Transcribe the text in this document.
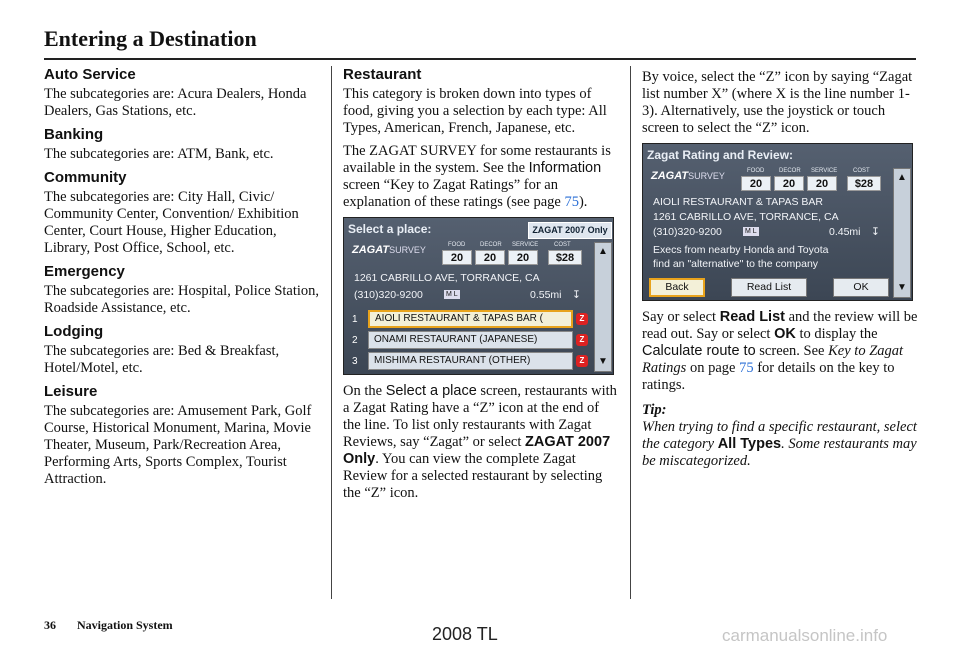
Entering a Destination
Auto Service

The subcategories are: Acura Dealers, Honda Dealers, Gas Stations, etc.

Banking

The subcategories are: ATM, Bank, etc.

Community

The subcategories are: City Hall, Civic/ Community Center, Convention/ Exhibition Center, Court House, Higher Education, Library, Post Office, School, etc.

Emergency

The subcategories are: Hospital, Police Station, Roadside Assistance, etc.

Lodging

The subcategories are: Bed & Breakfast, Hotel/Motel, etc.

Leisure

The subcategories are: Amusement Park, Golf Course, Historical Monument, Marina, Movie Theater, Museum, Park/Recreation Area, Performing Arts, Sports Complex, Tourist Attraction.

Restaurant

This category is broken down into types of food, giving you a selection by each type: All Types, American, French, Japanese, etc.

The ZAGAT SURVEY for some restaurants is available in the system. See the Information screen “Key to Zagat Ratings” for an explanation of these ratings (see page 75).

Select a place:	ZAGAT 2007 Only
ZAGATSURVEY	FOOD DECOR SERVICE	COST
20	20	20	$28
1261 CABRILLO AVE, TORRANCE, CA
(310)320-9200	M L	0.55mi ↧
1	AIOLI RESTAURANT & TAPAS BAR (	Z
2	ONAMI RESTAURANT (JAPANESE)	Z
3	MISHIMA RESTAURANT (OTHER)	Z
▲
▼

On the Select a place screen, restaurants with a Zagat Rating have a “Z” icon at the end of the line. To list only restaurants with Zagat Reviews, say “Zagat” or select ZAGAT 2007 Only. You can view the complete Zagat Review for a selected restaurant by selecting the “Z” icon.

By voice, select the “Z” icon by saying “Zagat list number X” (where X is the line number 1-3). Alternatively, use the joystick or touch screen to select the “Z” icon.

Zagat Rating and Review:
ZAGATSURVEY	FOOD DECOR SERVICE	COST
20	20	20	$28
AIOLI RESTAURANT & TAPAS BAR
1261 CABRILLO AVE, TORRANCE, CA
(310)320-9200	M L	0.45mi ↧
Execs from nearby Honda and Toyota
find an "alternative" to the company
Back	Read List	OK
▲
▼

Say or select Read List and the review will be read out. Say or select OK to display the Calculate route to screen. See Key to Zagat Ratings on page 75 for details on the key to ratings.

Tip:

When trying to find a specific restaurant, select the category All Types. Some restaurants may be miscategorized.

36 Navigation System	2008 TL	carmanualsonline.info
